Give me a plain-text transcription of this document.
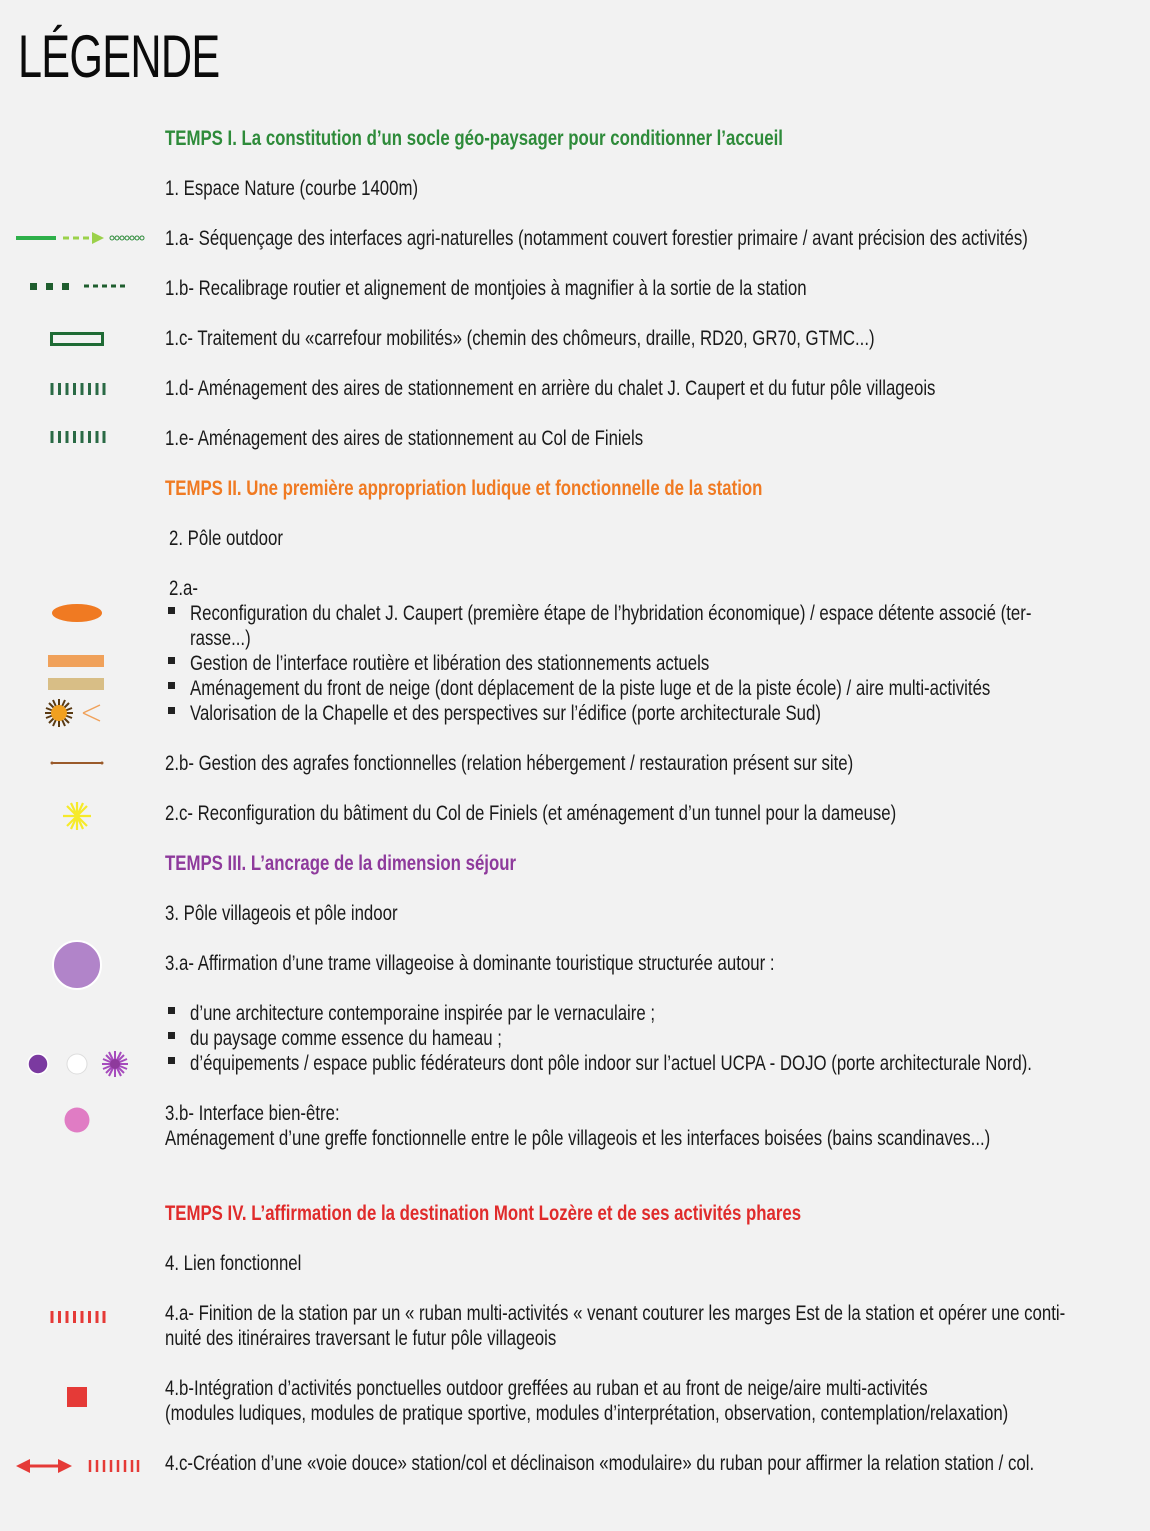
LÉGENDE
TEMPS I. La constitution d’un socle géo-paysager pour conditionner l’accueil
1. Espace Nature (courbe 1400m)
1.a- Séquençage des interfaces agri-naturelles (notamment couvert forestier primaire / avant précision des activités)
1.b- Recalibrage routier et alignement de montjoies à magnifier à la sortie de la station
1.c- Traitement du «carrefour mobilités» (chemin des chômeurs, draille, RD20, GR70, GTMC...)
1.d- Aménagement des aires de stationnement en arrière du chalet J. Caupert et du futur pôle villageois
1.e- Aménagement des aires de stationnement au Col de Finiels
TEMPS II. Une première appropriation ludique et fonctionnelle de la station
2. Pôle outdoor
2.a-
Reconfiguration du chalet J. Caupert (première étape de l’hybridation économique) / espace détente associé (ter-
rasse...)
Gestion de l’interface routière et libération des stationnements actuels
Aménagement du front de neige (dont déplacement de la piste luge et de la piste école) / aire multi-activités
Valorisation de la Chapelle et des perspectives sur l’édifice (porte architecturale Sud)
2.b- Gestion des agrafes fonctionnelles (relation hébergement / restauration présent sur site)
2.c- Reconfiguration du bâtiment du Col de Finiels (et aménagement d’un tunnel pour la dameuse)
TEMPS III. L’ancrage de la dimension séjour
3. Pôle villageois et pôle indoor
3.a- Affirmation d’une trame villageoise à dominante touristique structurée autour :
d’une architecture contemporaine inspirée par le vernaculaire ;
du paysage comme essence du hameau ;
d’équipements / espace public fédérateurs dont pôle indoor sur l’actuel UCPA - DOJO (porte architecturale Nord).
3.b- Interface bien-être:
Aménagement d’une greffe fonctionnelle entre le pôle villageois et les interfaces boisées (bains scandinaves...)
TEMPS IV. L’affirmation de la destination Mont Lozère et de ses activités phares
4. Lien fonctionnel
4.a- Finition de la station par un « ruban multi-activités « venant couturer les marges Est de la station et opérer une conti-
nuité des itinéraires traversant le futur pôle villageois
4.b-Intégration d’activités ponctuelles outdoor greffées au ruban et au front de neige/aire multi-activités
(modules ludiques, modules de pratique sportive, modules d’interprétation, observation, contemplation/relaxation)
4.c-Création d’une «voie douce» station/col et déclinaison «modulaire» du ruban pour affirmer la relation station / col.
